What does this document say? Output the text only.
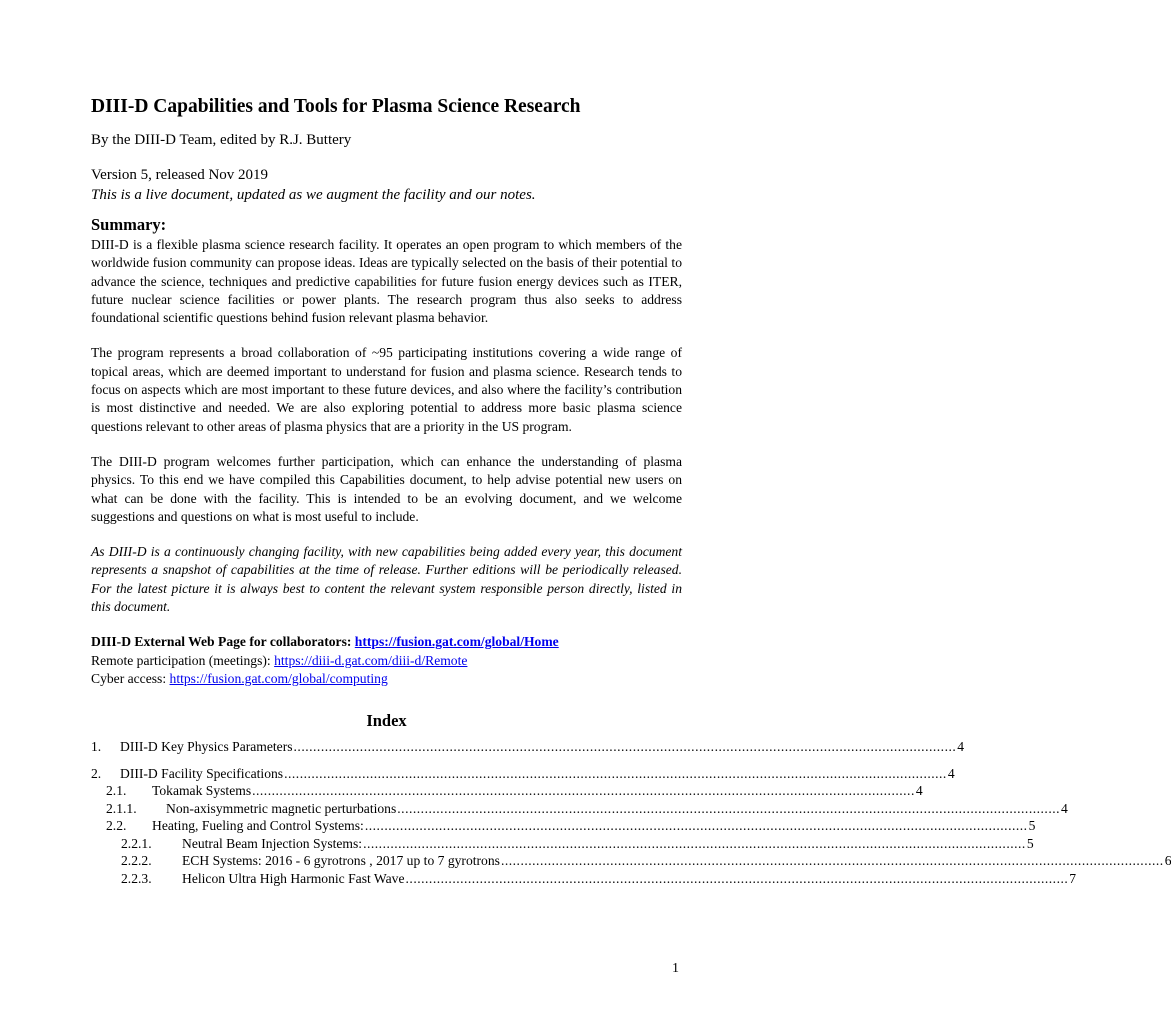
DIII-D Capabilities and Tools for Plasma Science Research
By the DIII-D Team, edited by R.J. Buttery
Version 5, released Nov 2019
This is a live document, updated as we augment the facility and our notes.
Summary:

DIII-D is a flexible plasma science research facility. It operates an open program to which members of the worldwide fusion community can propose ideas. Ideas are typically selected on the basis of their potential to advance the science, techniques and predictive capabilities for future fusion energy devices such as ITER, future nuclear science facilities or power plants. The research program thus also seeks to address foundational scientific questions behind fusion relevant plasma behavior.

The program represents a broad collaboration of ~95 participating institutions covering a wide range of topical areas, which are deemed important to understand for fusion and plasma science. Research tends to focus on aspects which are most important to these future devices, and also where the facility’s contribution is most distinctive and needed. We are also exploring potential to address more basic plasma science questions relevant to other areas of plasma physics that are a priority in the US program.

The DIII-D program welcomes further participation, which can enhance the understanding of plasma physics. To this end we have compiled this Capabilities document, to help advise potential new users on what can be done with the facility. This is intended to be an evolving document, and we welcome suggestions and questions on what is most useful to include.

As DIII-D is a continuously changing facility, with new capabilities being added every year, this document represents a snapshot of capabilities at the time of release. Further editions will be periodically released. For the latest picture it is always best to content the relevant system responsible person directly, listed in this document.

DIII-D External Web Page for collaborators: https://fusion.gat.com/global/Home
Remote participation (meetings): https://diii-d.gat.com/diii-d/Remote
Cyber access: https://fusion.gat.com/global/computing
Index
1.	DIII-D Key Physics Parameters .......................................................................................................................................................................... 4
2.	DIII-D Facility Specifications .......................................................................................................................................................................... 4
2.1.	Tokamak Systems .......................................................................................................................................................................... 4
2.1.1.	Non-axisymmetric magnetic perturbations .......................................................................................................................................................................... 4
2.2.	Heating, Fueling and Control Systems: .......................................................................................................................................................................... 5
2.2.1.	Neutral Beam Injection Systems: .......................................................................................................................................................................... 5
2.2.2.	ECH Systems: 2016 - 6 gyrotrons , 2017 up to 7 gyrotrons .......................................................................................................................................................................... 6
2.2.3.	Helicon Ultra High Harmonic Fast Wave .......................................................................................................................................................................... 7
1
